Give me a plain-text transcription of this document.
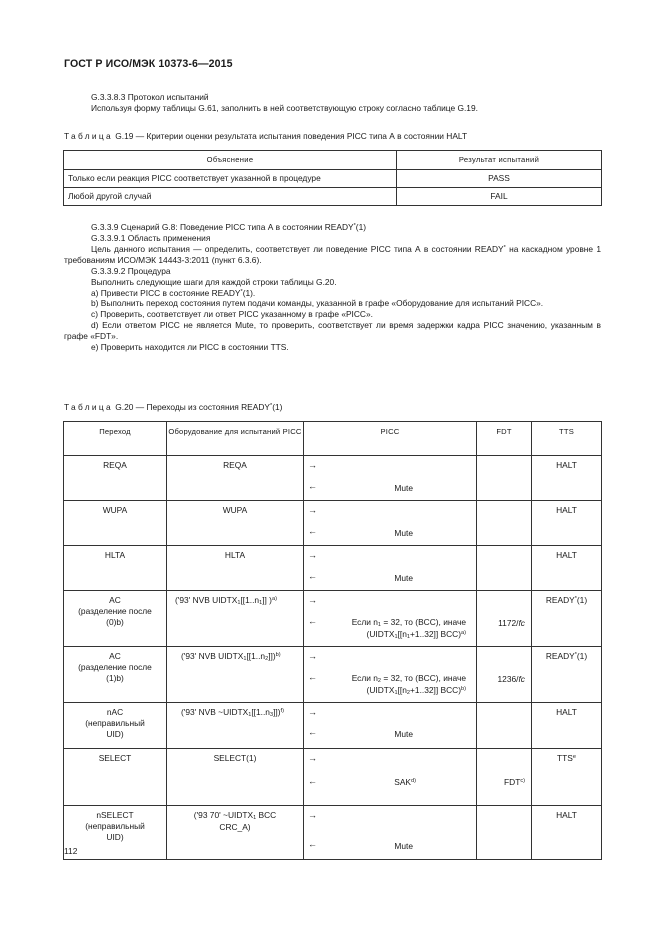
ГОСТ Р ИСО/МЭК 10373-6—2015

G.3.3.8.3 Протокол испытаний

Используя форму таблицы G.61, заполнить в ней соответствующую строку согласно таблице G.19.

Таблица G.19 — Критерии оценки результата испытания поведения PICC типа А в состоянии HALT
Объяснение	Результат испытаний
Только если реакция PICC соответствует указанной в процедуре	PASS
Любой другой случай	FAIL

G.3.3.9 Сценарий G.8: Поведение PICC типа А в состоянии READY*(1)

G.3.3.9.1 Область применения

Цель данного испытания — определить, соответствует ли поведение PICC типа А в состоянии READY* на каскадном уровне 1 требованиям ИСО/МЭК 14443-3:2011 (пункт 6.3.6).

G.3.3.9.2 Процедура

Выполнить следующие шаги для каждой строки таблицы G.20.

a) Привести PICC в состояние READY*(1).

b) Выполнить переход состояния путем подачи команды, указанной в графе «Оборудование для испытаний PICC».

c) Проверить, соответствует ли ответ PICC указанному в графе «PICC».

d) Если ответом PICC не является Mute, то проверить, соответствует ли время задержки кадра PICC значению, указанным в графе «FDT».

e) Проверить находится ли PICC в состоянии TTS.

Таблица G.20 — Переходы из состояния READY*(1)
Переход	Оборудование для испытаний PICC	PICC	FDT	TTS
REQA	REQA	→
← Mute		HALT
WUPA	WUPA	→
← Mute		HALT
HLTA	HLTA	→
← Mute		HALT
AC
(разделение после
(0)b)	('93' NVB UIDTX1[[1..n1]] )$^{a)}$	→
← Если n1 = 32, то (BCC), иначе
(UIDTX1[[n1+1..32]] BCC)$^{a)}$	1172/fc	READY*(1)
AC
(разделение после
(1)b)	('93' NVB UIDTX1[[1..n2]])$^{b)}$	→
← Если n2 = 32, то (BCC), иначе
(UIDTX1[[n2+1..32]] BCC)$^{b)}$	1236/fc	READY*(1)
nAC
(неправильный
UID)	('93' NVB ~UIDTX1[[1..n3]])$^{f)}$	→
← Mute		HALT
SELECT	SELECT(1)	→
← SAK$^{d)}$	FDT$^{c)}$	TTS$^e$
nSELECT
(неправильный
UID)	('93 70' ~UIDTX1 BCC
CRC_A)	→
← Mute		HALT
112
